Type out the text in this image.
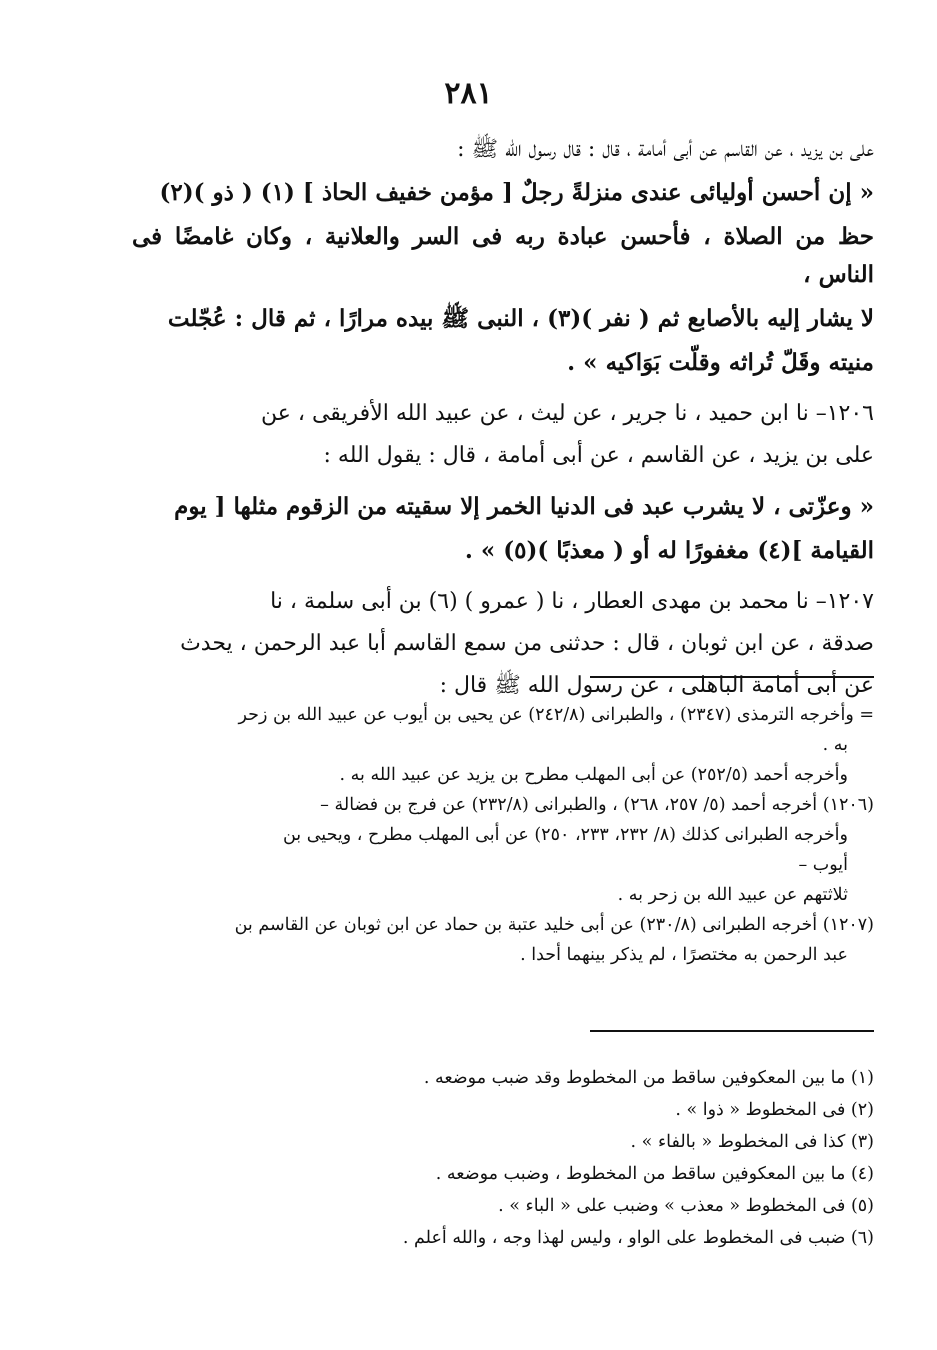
٢٨١
على بن يزيد ، عن القاسم عن أبى أمامة ، قال : قال رسول الله ﷺ :
« إن أحسن أوليائى عندى منزلةً رجلٌ [ مؤمن خفيف الحاذ ] (١) ( ذو )(٢)
حظ من الصلاة ، فأحسن عبادة ربه فى السر والعلانية ، وكان غامضًا فى الناس ،
لا يشار إليه بالأصابع ثم ( نفر )(٣) ، النبى ﷺ بيده مرارًا ، ثم قال : عُجّلت
منيته وقَلّ تُراثه وقلّت بَوَاكيه » .
١٢٠٦– نا ابن حميد ، نا جرير ، عن ليث ، عن عبيد الله الأفريقى ، عن
على بن يزيد ، عن القاسم ، عن أبى أمامة ، قال : يقول الله :
« وعزّتى ، لا يشرب عبد فى الدنيا الخمر إلا سقيته من الزقوم مثلها [ يوم
القيامة ](٤) مغفورًا له أو ( معذبًا )(٥) » .
١٢٠٧– نا محمد بن مهدى العطار ، نا ( عمرو ) (٦) بن أبى سلمة ، نا
صدقة ، عن ابن ثوبان ، قال : حدثنى من سمع القاسم أبا عبد الرحمن ، يحدث
عن أبى أمامة الباهلى ، عن رسول الله ﷺ قال :
= وأخرجه الترمذى (٢٣٤٧) ، والطبرانى (٢٤٢/٨) عن يحيى بن أيوب عن عبيد الله بن زحر
به .
وأخرجه أحمد (٢٥٢/٥) عن أبى المهلب مطرح بن يزيد عن عبيد الله به .
(١٢٠٦) أخرجه أحمد (٥/ ٢٥٧، ٢٦٨) ، والطبرانى (٢٣٢/٨) عن فرج بن فضالة –
وأخرجه الطبرانى كذلك (٨/ ٢٣٢، ٢٣٣، ٢٥٠) عن أبى المهلب مطرح ، ويحيى بن
أيوب –
ثلاثتهم عن عبيد الله بن زحر به .
(١٢٠٧) أخرجه الطبرانى (٢٣٠/٨) عن أبى خليد عتبة بن حماد عن ابن ثوبان عن القاسم بن
عبد الرحمن به مختصرًا ، لم يذكر بينهما أحدا .
(١) ما بين المعكوفين ساقط من المخطوط وقد ضبب موضعه .
(٢) فى المخطوط « ذوا » .
(٣) كذا فى المخطوط « بالفاء » .
(٤) ما بين المعكوفين ساقط من المخطوط ، وضبب موضعه .
(٥) فى المخطوط « معذب » وضبب على « الباء » .
(٦) ضبب فى المخطوط على الواو ، وليس لهذا وجه ، والله أعلم .
